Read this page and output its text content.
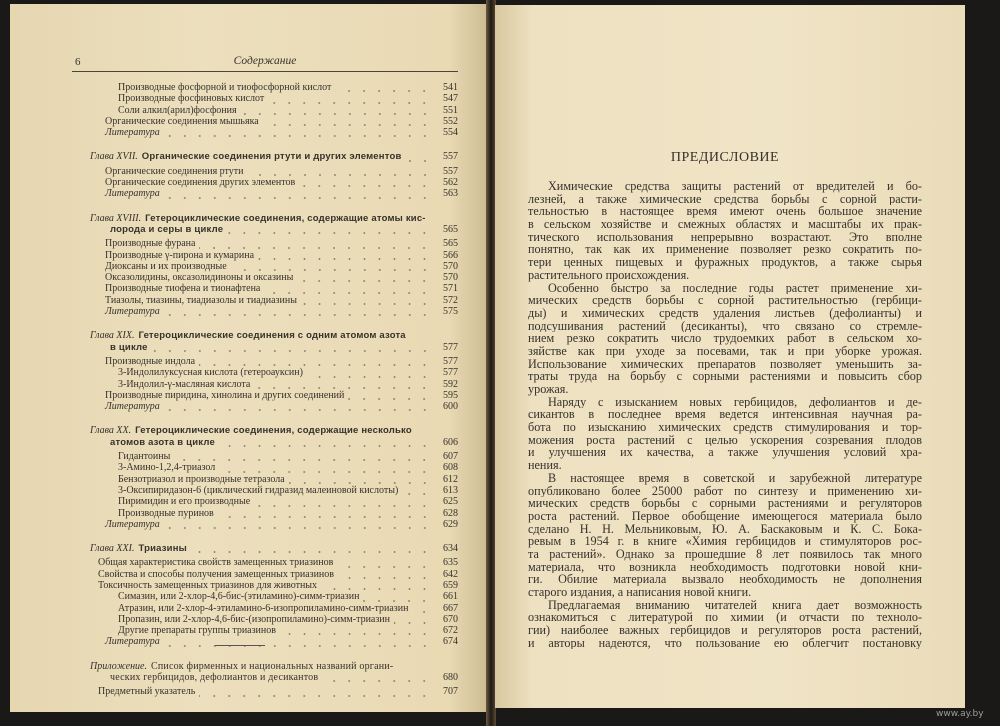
6	Содержание
Производные фосфорной и тиофосфорной кислот	541
Производные фосфиновых кислот	547
Соли алкил(арил)фосфония	551
Органические соединения мышьяка	552
Литература	554
Глава XVII. Органические соединения ртути и других элементов	557
Органические соединения ртути	557
Органические соединения других элементов	562
Литература	563
Глава XVIII. Гетероциклические соединения, содержащие атомы кис-
лорода и серы в цикле	565
Производные фурана	565
Производные γ-пирона и кумарина	566
Диоксаны и их производные	570
Оксазолидины, оксазолидиноны и оксазины	570
Производные тиофена и тионафтена	571
Тиазолы, тиазины, тиадиазолы и тиадиазины	572
Литература	575
Глава XIX. Гетероциклические соединения с одним атомом азота
в цикле	577
Производные индола	577
3-Индолилуксусная кислота (гетероауксин)	577
3-Индолил-γ-масляная кислота	592
Производные пиридина, хинолина и других соединений	595
Литература	600
Глава XX. Гетероциклические соединения, содержащие несколько
атомов азота в цикле	606
Гидантоины	607
3-Амино-1,2,4-триазол	608
Бензотриазол и производные тетразола	612
3-Оксипиридазон-6 (циклический гидразид малеиновой кислоты)	613
Пиримидин и его производные	625
Производные пуринов	628
Литература	629
Глава XXI. Триазины	634
Общая характеристика свойств замещенных триазинов	635
Свойства и способы получения замещенных триазинов	642
Токсичность замещенных триазинов для животных	659
Симазин, или 2-хлор-4,6-бис-(этиламино)-симм-триазин	661
Атразин, или 2-хлор-4-этиламино-6-изопропиламино-симм-триазин	667
Пропазин, или 2-хлор-4,6-бис-(изопропиламино)-симм-триазин	670
Другие препараты группы триазинов	672
Литература	674
Приложение. Список фирменных и национальных названий органи-
ческих гербицидов, дефолиантов и десикантов	680
Предметный указатель	707
ПРЕДИСЛОВИЕ
Химические средства защиты растений от вредителей и бо-
лезней, а также химические средства борьбы с сорной расти-
тельностью в настоящее время имеют очень большое значение
в сельском хозяйстве и смежных областях и масштабы их прак-
тического использования непрерывно возрастают. Это вполне
понятно, так как их применение позволяет резко сократить по-
тери ценных пищевых и фуражных продуктов, а также сырья
растительного происхождения.
Особенно быстро за последние годы растет применение хи-
мических средств борьбы с сорной растительностью (гербици-
ды) и химических средств удаления листьев (дефолианты) и
подсушивания растений (десиканты), что связано со стремле-
нием резко сократить число трудоемких работ в сельском хо-
зяйстве как при уходе за посевами, так и при уборке урожая.
Использование химических препаратов позволяет уменьшить за-
траты труда на борьбу с сорными растениями и повысить сбор
урожая.
Наряду с изысканием новых гербицидов, дефолиантов и де-
сикантов в последнее время ведется интенсивная научная ра-
бота по изысканию химических средств стимулирования и тор-
можения роста растений с целью ускорения созревания плодов
и улучшения их качества, а также улучшения условий хра-
нения.
В настоящее время в советской и зарубежной литературе
опубликовано более 25000 работ по синтезу и применению хи-
мических средств борьбы с сорными растениями и регуляторов
роста растений. Первое обобщение имеющегося материала было
сделано Н. Н. Мельниковым, Ю. А. Баскаковым и К. С. Бока-
ревым в 1954 г. в книге «Химия гербицидов и стимуляторов рос-
та растений». Однако за прошедшие 8 лет появилось так много
материала, что возникла необходимость подготовки новой кни-
ги. Обилие материала вызвало необходимость не дополнения
старого издания, а написания новой книги.
Предлагаемая вниманию читателей книга дает возможность
ознакомиться с литературой по химии (и отчасти по техноло-
гии) наиболее важных гербицидов и регуляторов роста растений,
и авторы надеются, что пользование ею облегчит постановку
www.ay.by
